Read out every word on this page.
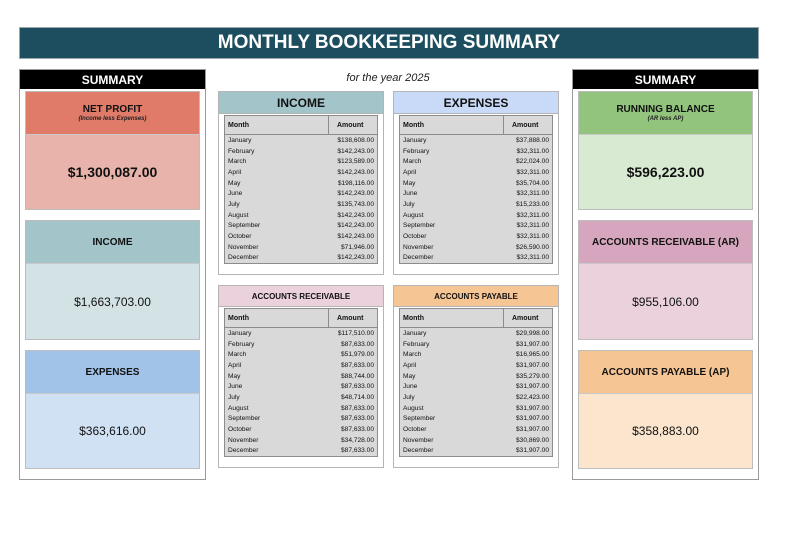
MONTHLY BOOKKEEPING SUMMARY
SUMMARY
NET PROFIT
(Income less Expenses)
$1,300,087.00
INCOME
$1,663,703.00
EXPENSES
$363,616.00
SUMMARY
RUNNING BALANCE
(AR less AP)
$596,223.00
ACCOUNTS RECEIVABLE (AR)
$955,106.00
ACCOUNTS PAYABLE (AP)
$358,883.00
for the year 2025
INCOME
Month	Amount
January	$138,608.00
February	$142,243.00
March	$123,589.00
April	$142,243.00
May	$198,116.00
June	$142,243.00
July	$135,743.00
August	$142,243.00
September	$142,243.00
October	$142,243.00
November	$71,946.00
December	$142,243.00
EXPENSES
Month	Amount
January	$37,888.00
February	$32,311.00
March	$22,024.00
April	$32,311.00
May	$35,704.00
June	$32,311.00
July	$15,233.00
August	$32,311.00
September	$32,311.00
October	$32,311.00
November	$26,590.00
December	$32,311.00
ACCOUNTS RECEIVABLE
Month	Amount
January	$117,510.00
February	$87,633.00
March	$51,979.00
April	$87,633.00
May	$88,744.00
June	$87,633.00
July	$48,714.00
August	$87,633.00
September	$87,633.00
October	$87,633.00
November	$34,728.00
December	$87,633.00
ACCOUNTS PAYABLE
Month	Amount
January	$29,998.00
February	$31,907.00
March	$16,965.00
April	$31,907.00
May	$35,279.00
June	$31,907.00
July	$22,423.00
August	$31,907.00
September	$31,907.00
October	$31,907.00
November	$30,869.00
December	$31,907.00
